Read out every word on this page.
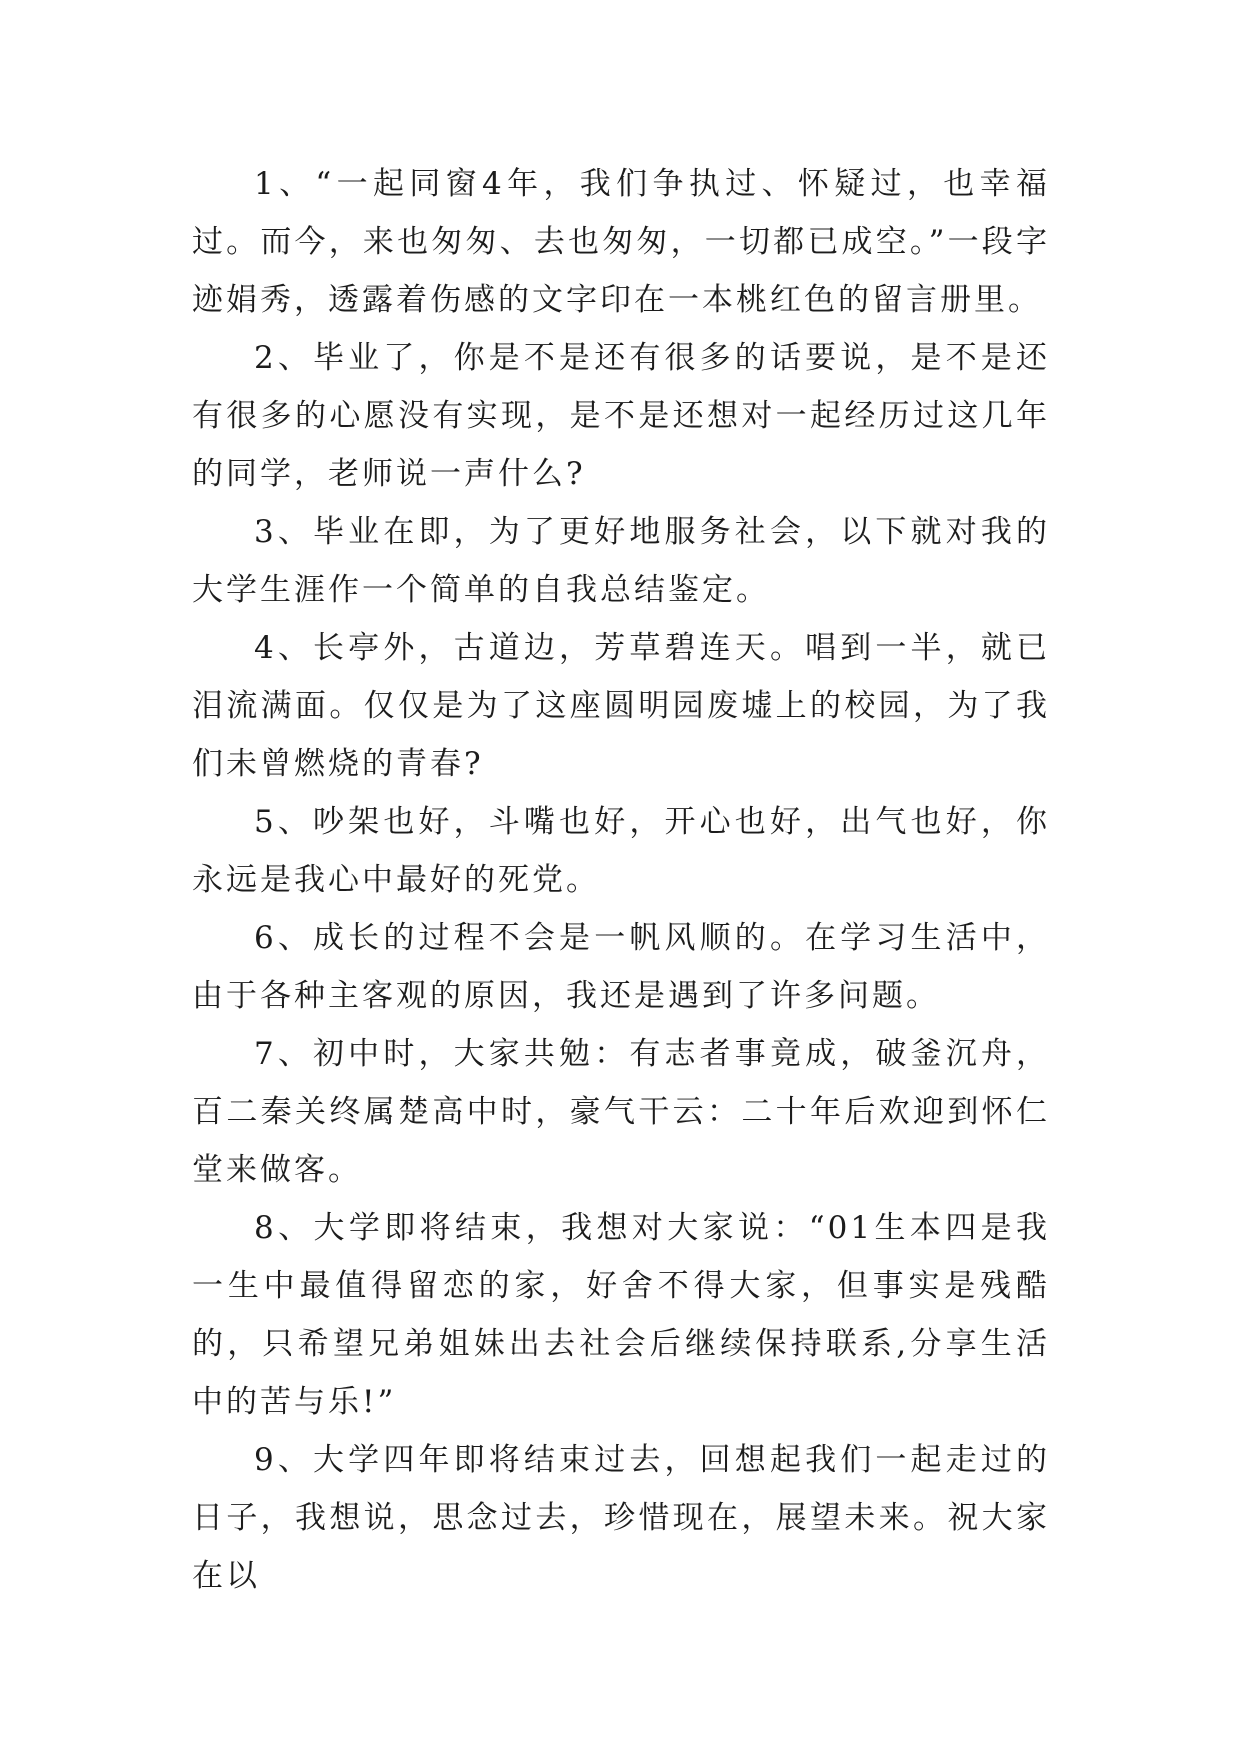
1、“一起同窗4年，我们争执过、怀疑过，也幸福过。而今，来也匆匆、去也匆匆，一切都已成空。”一段字迹娟秀，透露着伤感的文字印在一本桃红色的留言册里。

2、毕业了，你是不是还有很多的话要说，是不是还有很多的心愿没有实现，是不是还想对一起经历过这几年的同学，老师说一声什么?

3、毕业在即，为了更好地服务社会，以下就对我的大学生涯作一个简单的自我总结鉴定。

4、长亭外，古道边，芳草碧连天。唱到一半，就已泪流满面。仅仅是为了这座圆明园废墟上的校园，为了我们未曾燃烧的青春?

5、吵架也好，斗嘴也好，开心也好，出气也好，你永远是我心中最好的死党。

6、成长的过程不会是一帆风顺的。在学习生活中，由于各种主客观的原因，我还是遇到了许多问题。

7、初中时，大家共勉：有志者事竟成，破釜沉舟，百二秦关终属楚高中时，豪气干云：二十年后欢迎到怀仁堂来做客。

8、大学即将结束，我想对大家说：“01生本四是我一生中最值得留恋的家，好舍不得大家，但事实是残酷的，只希望兄弟姐妹出去社会后继续保持联系,分享生活中的苦与乐!”

9、大学四年即将结束过去，回想起我们一起走过的日子，我想说，思念过去，珍惜现在，展望未来。祝大家在以
